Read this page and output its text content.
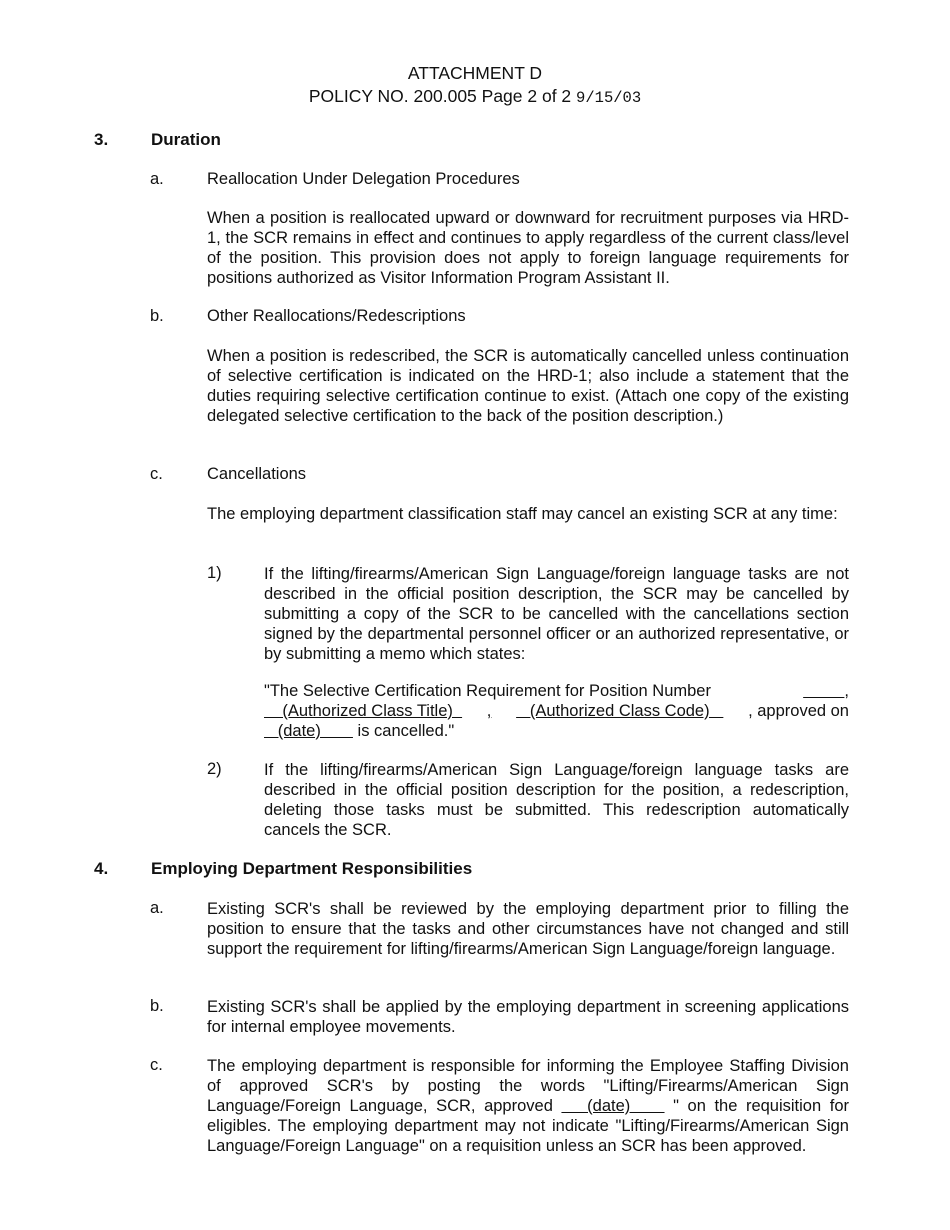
ATTACHMENT D
POLICY NO. 200.005 Page 2 of 2 9/15/03
3.	Duration
a.	Reallocation Under Delegation Procedures
When a position is reallocated upward or downward for recruitment purposes via HRD-1, the SCR remains in effect and continues to apply regardless of the current class/level of the position. This provision does not apply to foreign language requirements for positions authorized as Visitor Information Program Assistant II.
b.	Other Reallocations/Redescriptions
When a position is redescribed, the SCR is automatically cancelled unless continuation of selective certification is indicated on the HRD-1; also include a statement that the duties requiring selective certification continue to exist. (Attach one copy of the existing delegated selective certification to the back of the position description.)
c.	Cancellations
The employing department classification staff may cancel an existing SCR at any time:
1)	If the lifting/firearms/American Sign Language/foreign language tasks are not described in the official position description, the SCR may be cancelled by submitting a copy of the SCR to be cancelled with the cancellations section signed by the departmental personnel officer or an authorized representative, or by submitting a memo which states:
"The Selective Certification Requirement for Position Number	,
(Authorized Class Title) , (Authorized Class Code) , approved on
(date) is cancelled."
2)	If the lifting/firearms/American Sign Language/foreign language tasks are described in the official position description for the position, a redescription, deleting those tasks must be submitted. This redescription automatically cancels the SCR.
4.	Employing Department Responsibilities
a.	Existing SCR's shall be reviewed by the employing department prior to filling the position to ensure that the tasks and other circumstances have not changed and still support the requirement for lifting/firearms/American Sign Language/foreign language.
b.	Existing SCR's shall be applied by the employing department in screening applications for internal employee movements.
c.	The employing department is responsible for informing the Employee Staffing Division of approved SCR's by posting the words "Lifting/Firearms/American Sign Language/Foreign Language, SCR, approved    (date)     " on the requisition for eligibles. The employing department may not indicate "Lifting/Firearms/American Sign Language/Foreign Language" on a requisition unless an SCR has been approved.
